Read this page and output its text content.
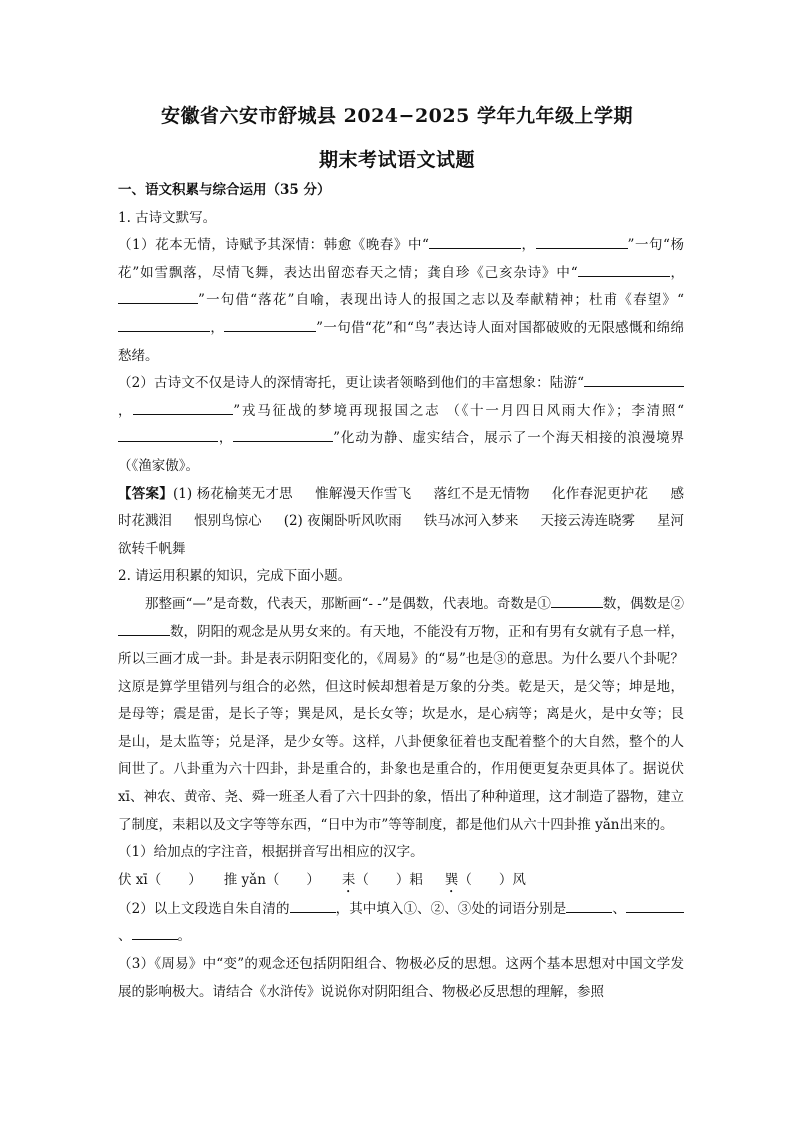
安徽省六安市舒城县 2024−2025 学年九年级上学期
期末考试语文试题

一、语文积累与综合运用（35 分）

1. 古诗文默写。

（1）花本无情，诗赋予其深情：韩愈《晚春》中“	，	”一句“杨花”如雪飘落，尽情飞舞，表达出留恋春天之情；龚自珍《己亥杂诗》中“	，”一句借“落花”自喻，表现出诗人的报国之志以及奉献精神；杜甫《春望》“，	”一句借“花”和“鸟”表达诗人面对国都破败的无限感慨和绵绵愁绪。

（2）古诗文不仅是诗人的深情寄托，更让读者领略到他们的丰富想象：陆游“，	”戎马征战的梦境再现报国之志 （《十一月四日风雨大作》；李清照“，	”化动为静、虚实结合，展示了一个海天相接的浪漫境界（《渔家傲》。

【答案】(1) 杨花榆荚无才思 惟解漫天作雪飞 落红不是无情物 化作春泥更护花 感时花溅泪 恨别鸟惊心 (2) 夜阑卧听风吹雨 铁马冰河入梦来 天接云涛连晓雾 星河欲转千帆舞

2. 请运用积累的知识，完成下面小题。

那整画“—”是奇数，代表天，那断画“- -”是偶数，代表地。奇数是①	数，偶数是②数，阴阳的观念是从男女来的。有天地，不能没有万物，正和有男有女就有子息一样，所以三画才成一卦。卦是表示阴阳变化的，《周易》的“易”也是③的意思。为什么要八个卦呢？这原是算学里错列与组合的必然，但这时候却想着是万象的分类。乾是天，是父等；坤是地，是母等；震是雷，是长子等；巽是风，是长女等；坎是水，是心病等；离是火，是中女等；艮是山，是太监等；兑是泽，是少女等。这样，八卦便象征着也支配着整个的大自然，整个的人间世了。八卦重为六十四卦，卦是重合的，卦象也是重合的，作用便更复杂更具体了。据说伏 xī、神农、黄帝、尧、舜一班圣人看了六十四卦的象，悟出了种种道理，这才制造了器物，建立了制度，耒耜以及文字等等东西，“日中为市”等等制度，都是他们从六十四卦推 yǎn出来的。

（1）给加点的字注音，根据拼音写出相应的汉字。

伏 xī（　　 ） 推 yǎn（　　 ） 耒（　　）耜 巽（　　）风

（2）以上文段选自朱自清的	，其中填入①、②、③处的词语分别是	、、	。

（3）《周易》中“变”的观念还包括阴阳组合、物极必反的思想。这两个基本思想对中国文学发展的影响极大。请结合《水浒传》说说你对阴阳组合、物极必反思想的理解，参照
